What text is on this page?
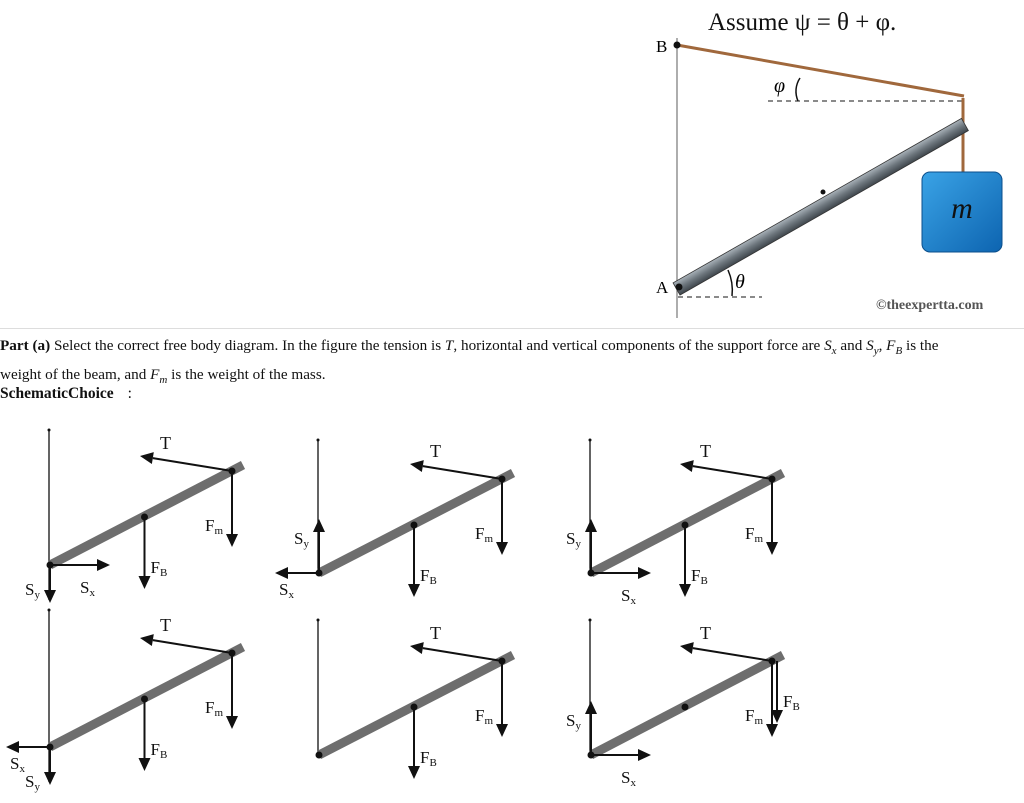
Assume ψ = θ + φ.
B
A
φ
θ
m
©theexpertta.com
Part (a) Select the correct free body diagram. In the figure the tension is T, horizontal and vertical components of the support force are $S_x$ and $S_y$, $F_B$ is the
weight of the beam, and $F_m$ is the weight of the mass.
SchematicChoice :
T
Fm
FB
Sy Sx
T
Fm
FB
Sy
Sx
T
Fm
FB
Sy
Sx
T
Fm
FB
Sy
Sx
T
Fm
FB
T
Fm
FB
Sy
Sx
